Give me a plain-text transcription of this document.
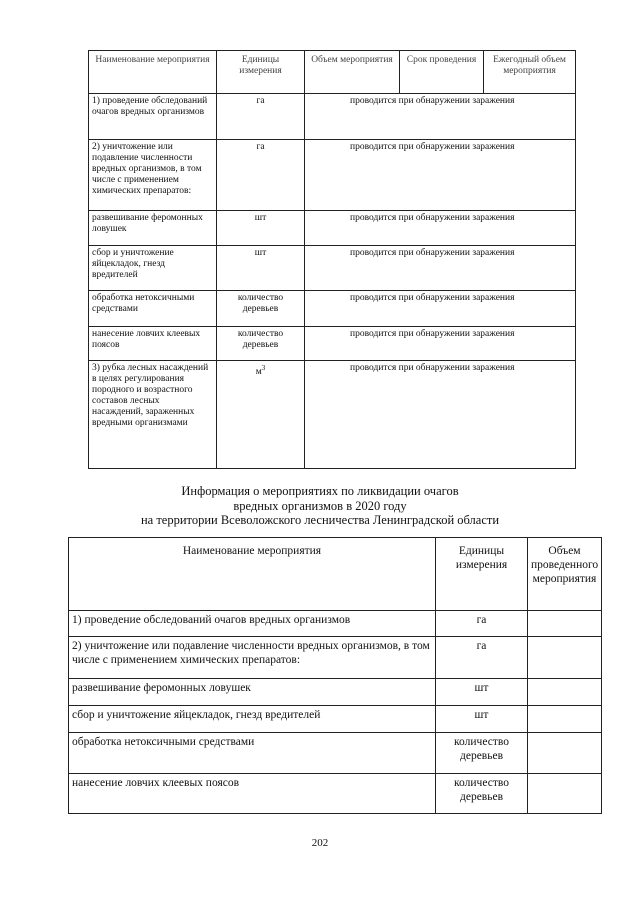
Наименование мероприятия	Единицы измерения	Объем мероприятия	Срок проведения	Ежегодный объем мероприятия
1) проведение обследований очагов вредных организмов	га	проводится при обнаружении заражения		
2) уничтожение или подавление численности вредных организмов, в том числе с применением химических препаратов:	га	проводится при обнаружении заражения		
развешивание феромонных ловушек	шт	проводится при обнаружении заражения		
сбор и уничтожение яйцекладок, гнезд вредителей	шт	проводится при обнаружении заражения		
обработка нетоксичными средствами	количество деревьев	проводится при обнаружении заражения		
нанесение ловчих клеевых поясов	количество деревьев	проводится при обнаружении заражения		
3) рубка лесных насаждений в целях регулирования породного и возрастного составов лесных насаждений, зараженных вредными организмами	$м^3$	проводится при обнаружении заражения		
Информация о мероприятиях по ликвидации очагов
вредных организмов в 2020 году
на территории Всеволожского лесничества Ленинградской области
Наименование мероприятия	Единицы измерения	Объем проведенного мероприятия
1) проведение обследований очагов вредных организмов	га	
2) уничтожение или подавление численности вредных организмов, в том числе с применением химических препаратов:	га	
развешивание феромонных ловушек	шт	
сбор и уничтожение яйцекладок, гнезд вредителей	шт	
обработка нетоксичными средствами	количество деревьев	
нанесение ловчих клеевых поясов	количество деревьев	
202
